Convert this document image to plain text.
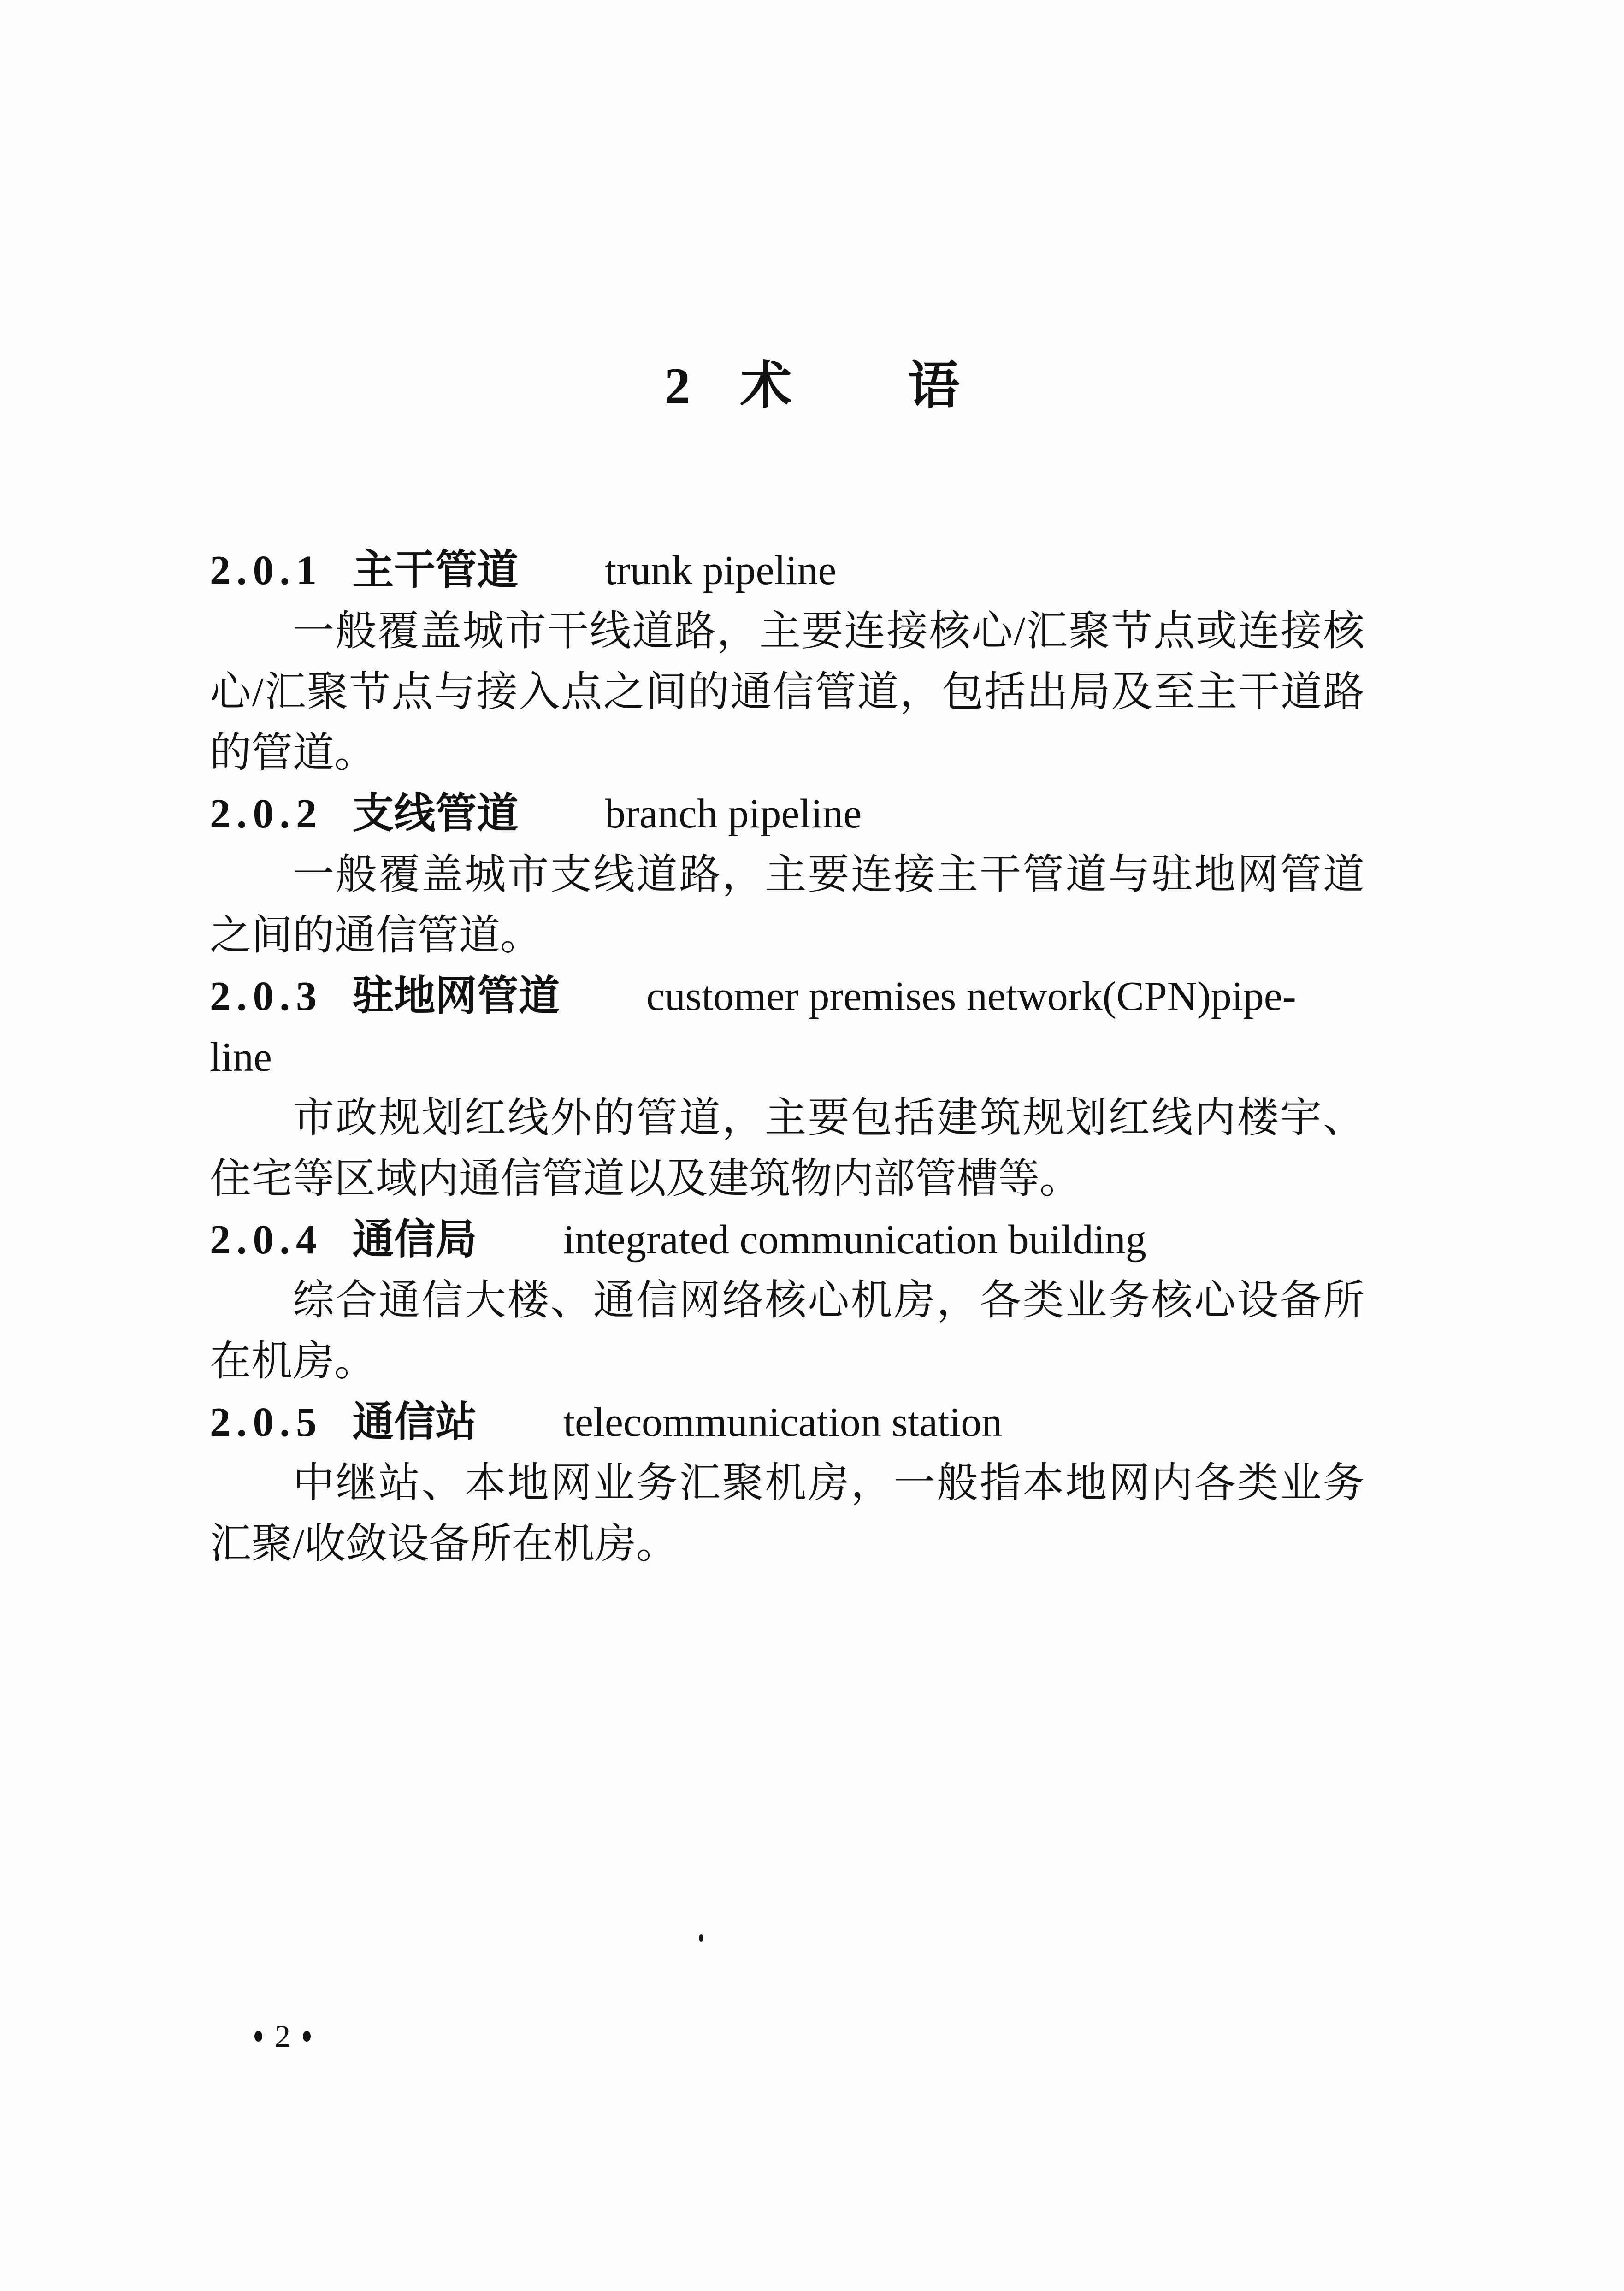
2 术 语
2.0.1 主干管道 trunk pipeline

一般覆盖城市干线道路，主要连接核心/汇聚节点或连接核心/汇聚节点与接入点之间的通信管道，包括出局及至主干道路的管道。

2.0.2 支线管道 branch pipeline

一般覆盖城市支线道路，主要连接主干管道与驻地网管道之间的通信管道。

2.0.3 驻地网管道 customer premises network(CPN)pipe-
line

市政规划红线外的管道，主要包括建筑规划红线内楼宇、住宅等区域内通信管道以及建筑物内部管槽等。

2.0.4 通信局 integrated communication building

综合通信大楼、通信网络核心机房，各类业务核心设备所在机房。

2.0.5 通信站 telecommunication station

中继站、本地网业务汇聚机房，一般指本地网内各类业务汇聚/收敛设备所在机房。

2
